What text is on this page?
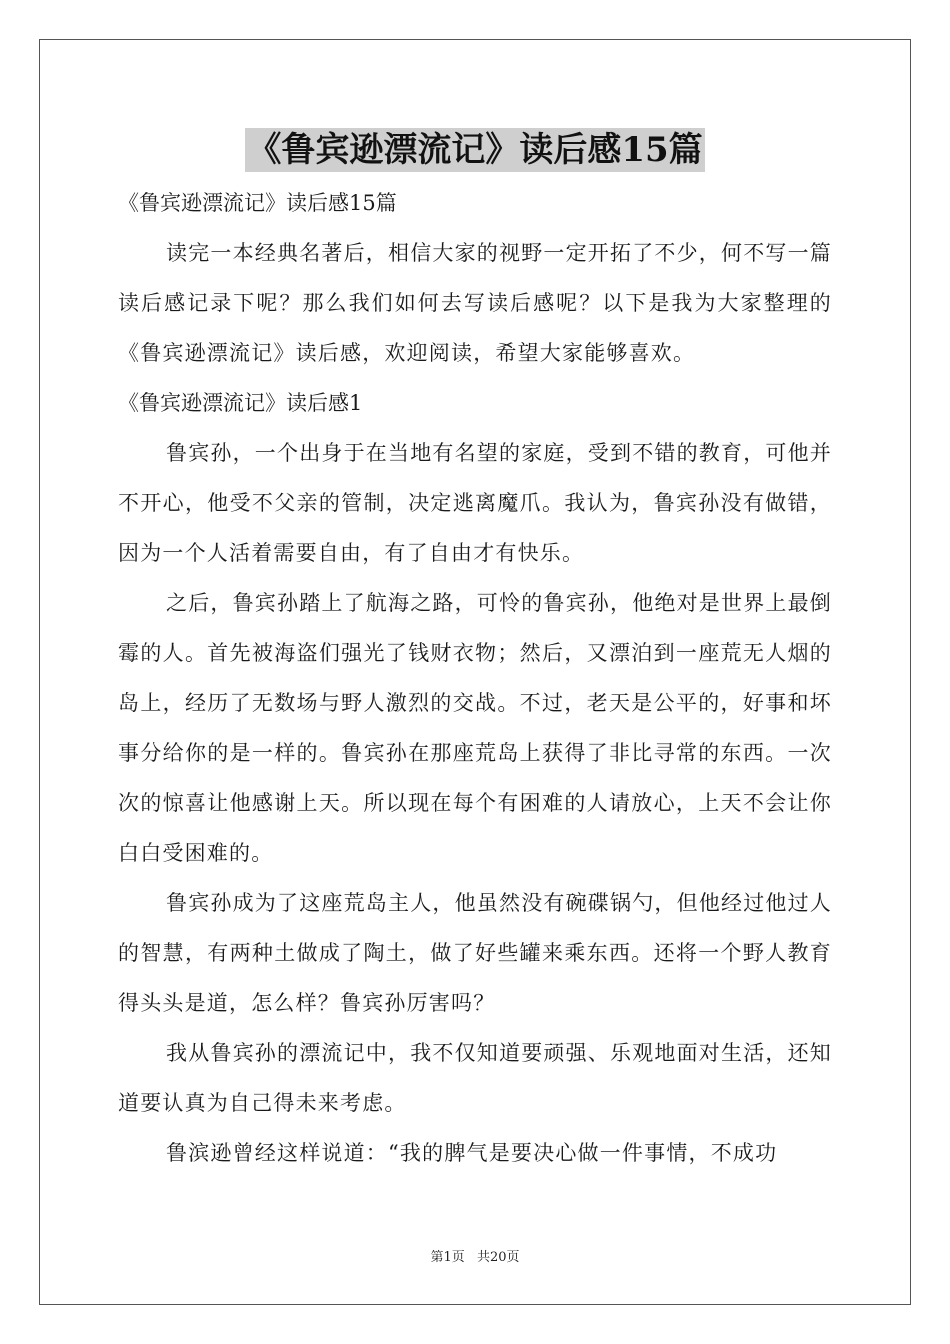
《鲁宾逊漂流记》读后感15篇
《鲁宾逊漂流记》读后感15篇

读完一本经典名著后，相信大家的视野一定开拓了不少，何不写一篇读后感记录下呢？那么我们如何去写读后感呢？以下是我为大家整理的《鲁宾逊漂流记》读后感，欢迎阅读，希望大家能够喜欢。

《鲁宾逊漂流记》读后感1

鲁宾孙，一个出身于在当地有名望的家庭，受到不错的教育，可他并不开心，他受不父亲的管制，决定逃离魔爪。我认为，鲁宾孙没有做错，因为一个人活着需要自由，有了自由才有快乐。

之后，鲁宾孙踏上了航海之路，可怜的鲁宾孙，他绝对是世界上最倒霉的人。首先被海盗们强光了钱财衣物；然后，又漂泊到一座荒无人烟的岛上，经历了无数场与野人激烈的交战。不过，老天是公平的，好事和坏事分给你的是一样的。鲁宾孙在那座荒岛上获得了非比寻常的东西。一次次的惊喜让他感谢上天。所以现在每个有困难的人请放心，上天不会让你白白受困难的。

鲁宾孙成为了这座荒岛主人，他虽然没有碗碟锅勺，但他经过他过人的智慧，有两种土做成了陶土，做了好些罐来乘东西。还将一个野人教育得头头是道，怎么样？鲁宾孙厉害吗？

我从鲁宾孙的漂流记中，我不仅知道要顽强、乐观地面对生活，还知道要认真为自己得未来考虑。

鲁滨逊曾经这样说道：“我的脾气是要决心做一件事情，不成功

第1页 共20页
